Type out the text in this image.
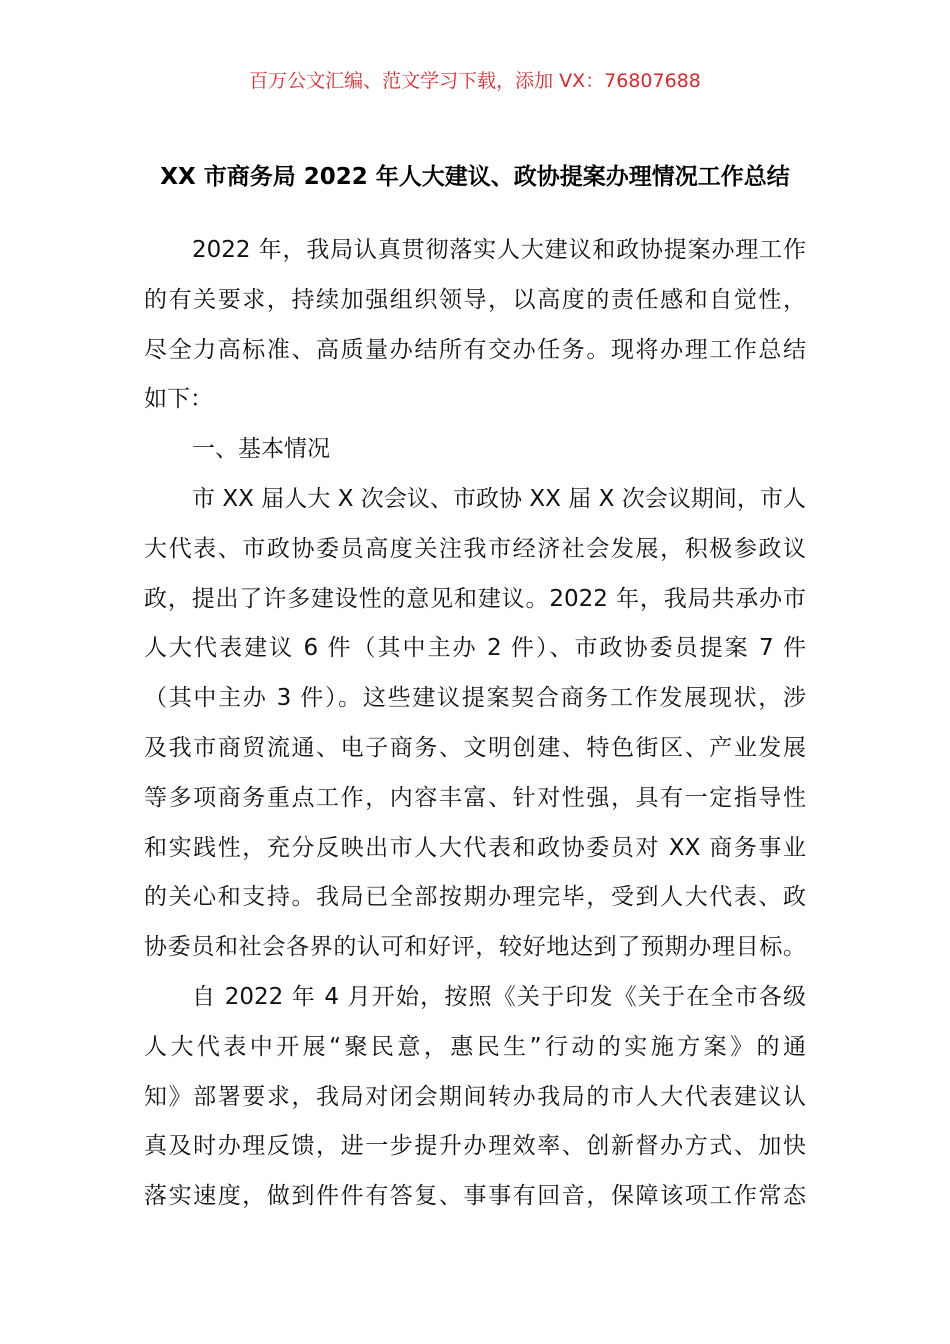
百万公文汇编、范文学习下载，添加 VX：76807688
XX 市商务局 2022 年人大建议、政协提案办理情况工作总结
2022 年，我局认真贯彻落实人大建议和政协提案办理工作
的有关要求，持续加强组织领导，以高度的责任感和自觉性，
尽全力高标准、高质量办结所有交办任务。现将办理工作总结
如下：
一、基本情况
市 XX 届人大 X 次会议、市政协 XX 届 X 次会议期间，市人
大代表、市政协委员高度关注我市经济社会发展，积极参政议
政，提出了许多建设性的意见和建议。2022 年，我局共承办市
人大代表建议 6 件（其中主办 2 件）、市政协委员提案 7 件
（其中主办 3 件）。这些建议提案契合商务工作发展现状，涉
及我市商贸流通、电子商务、文明创建、特色街区、产业发展
等多项商务重点工作，内容丰富、针对性强，具有一定指导性
和实践性，充分反映出市人大代表和政协委员对 XX 商务事业
的关心和支持。我局已全部按期办理完毕，受到人大代表、政
协委员和社会各界的认可和好评，较好地达到了预期办理目标。
自 2022 年 4 月开始，按照《关于印发《关于在全市各级
人大代表中开展“聚民意，惠民生”行动的实施方案》的通
知》部署要求，我局对闭会期间转办我局的市人大代表建议认
真及时办理反馈，进一步提升办理效率、创新督办方式、加快
落实速度，做到件件有答复、事事有回音，保障该项工作常态
